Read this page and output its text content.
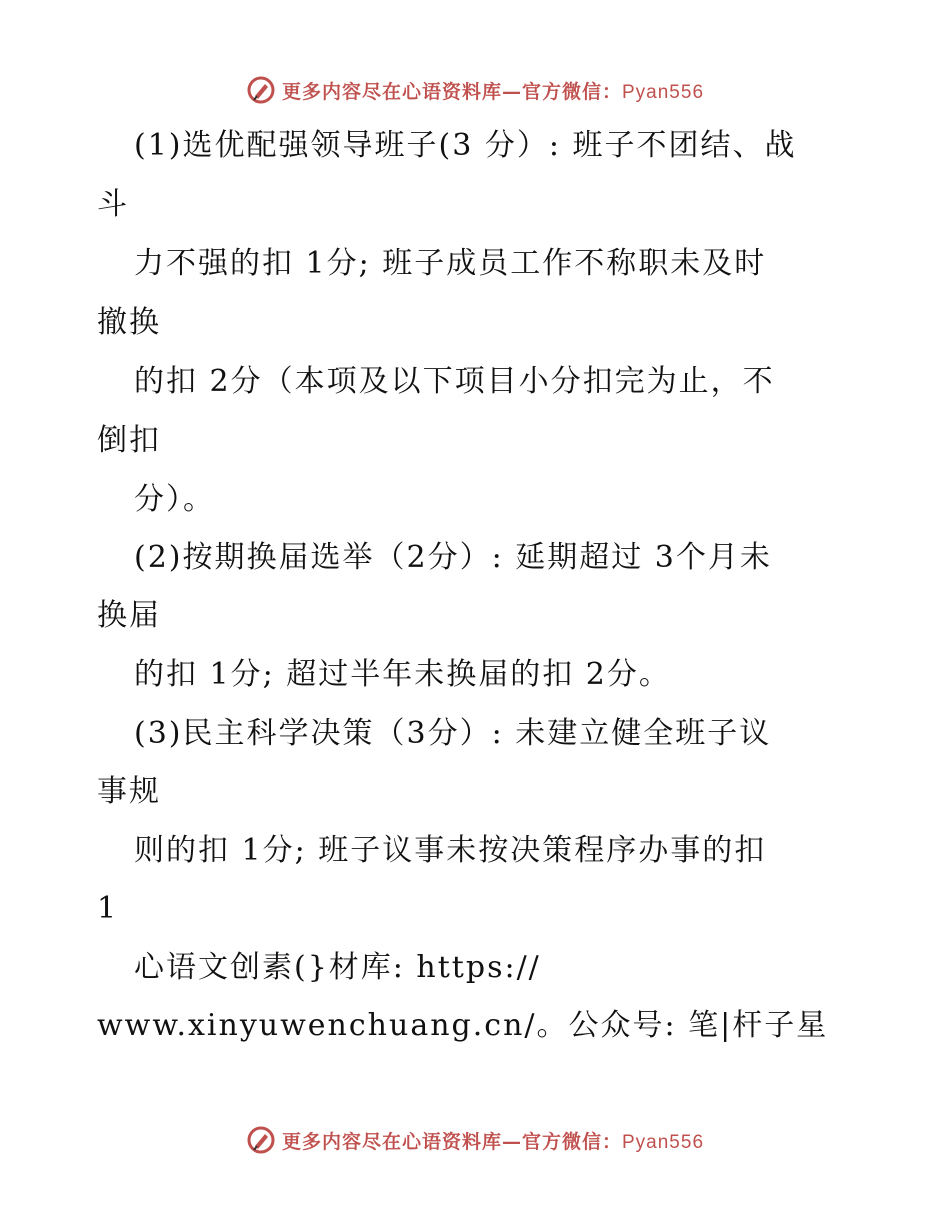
更多内容尽在心语资料库—官方微信：Pyan556
(1)选优配强领导班子(3 分）: 班子不团结、战
斗
力不强的扣 1分; 班子成员工作不称职未及时
撤换
的扣 2分（本项及以下项目小分扣完为止，不
倒扣
分）。
(2)按期换届选举（2分）: 延期超过 3个月未
换届
的扣 1分; 超过半年未换届的扣 2分。
(3)民主科学决策（3分）: 未建立健全班子议
事规
则的扣 1分; 班子议事未按决策程序办事的扣
1
心语文创素(}材库: https://
www.xinyuwenchuang.cn/。公众号: 笔|杆子星
更多内容尽在心语资料库—官方微信：Pyan556
